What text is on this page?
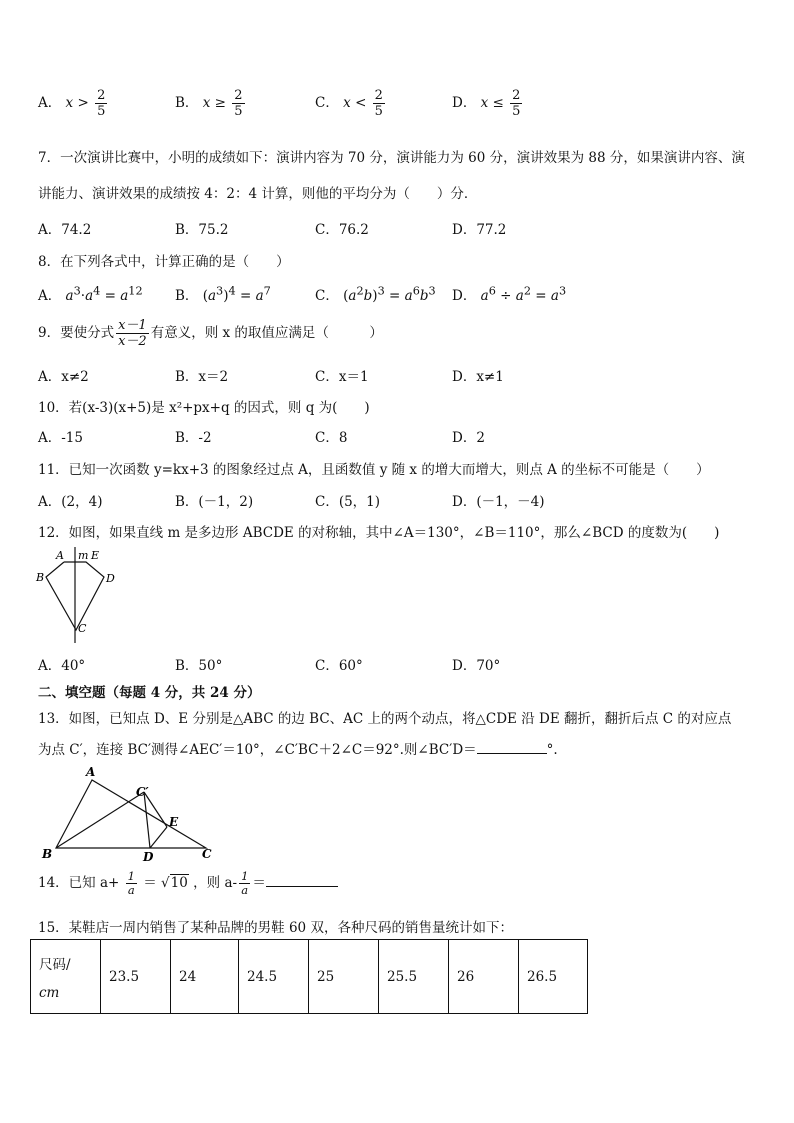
A． $x > \frac{2}{5}$	B． $x \ge \frac{2}{5}$	C． $x < \frac{2}{5}$	D． $x \le \frac{2}{5}$
7．一次演讲比赛中，小明的成绩如下：演讲内容为 70 分，演讲能力为 60 分，演讲效果为 88 分，如果演讲内容、演
讲能力、演讲效果的成绩按 4：2：4 计算，则他的平均分为（　　）分．
A．74.2	B．75.2	C．76.2	D．77.2
8．在下列各式中，计算正确的是（　　）
A． $a^3\cdot a^4 = a^{12}$ B． $(a^3)^4 = a^7$	C． $(a^2b)^3 = a^6b^3$ D． $a^6 \div a^2 = a^3$
9．要使分式 $\frac{x-1}{x-2}$ 有意义，则 x 的取值应满足（　　　）
A．x≠2	B．x＝2	C．x＝1	D．x≠1
10．若(x-3)(x+5)是 x²+px+q 的因式，则 q 为(　　)
A．-15	B．-2	C．8	D．2
11．已知一次函数 y=kx+3 的图象经过点 A，且函数值 y 随 x 的增大而增大，则点 A 的坐标不可能是（　　）
A．(2，4)	B．(－1，2)	C．(5，1)	D．(－1，－4)
12．如图，如果直线 m 是多边形 ABCDE 的对称轴，其中∠A＝130°，∠B＝110°，那么∠BCD 的度数为(　　)
A m E
B	D
C
A．40°	B．50°	C．60°	D．70°
二、填空题（每题 4 分，共 24 分）
13．如图，已知点 D、E 分别是△ABC 的边 BC、AC 上的两个动点，将△CDE 沿 DE 翻折，翻折后点 C 的对应点
为点 C′，连接 BC′测得∠AEC′＝10°，∠C′BC＋2∠C＝92°.则∠BC′D＝	°.
A
C′
E
B	D	C
14．已知 $a+ \frac{1}{a} = √10$ ，则 $a- \frac{1}{a}$ ＝
15．某鞋店一周内销售了某种品牌的男鞋 60 双，各种尺码的销售量统计如下：
尺码/
cm
	23.5	24	24.5	25	25.5	26	26.5
